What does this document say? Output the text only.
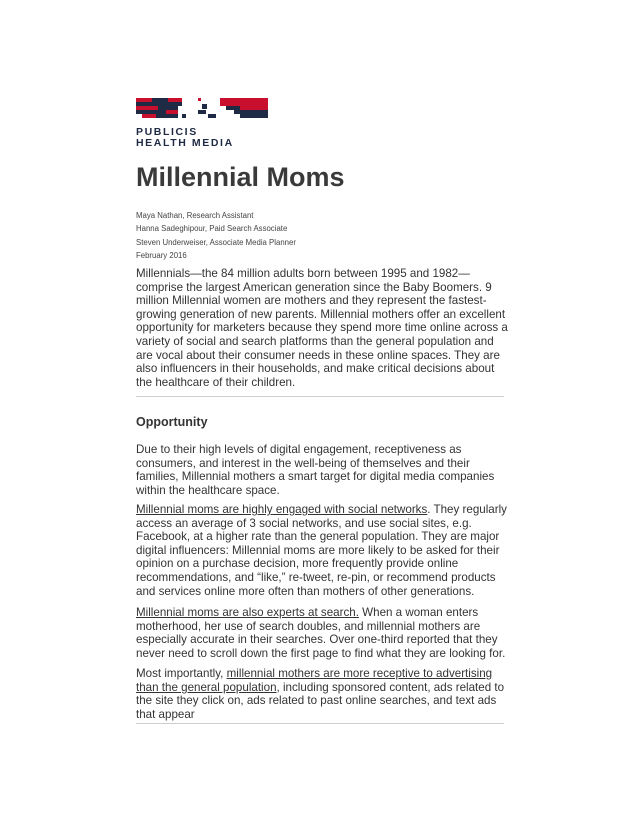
PUBLICIS
HEALTH MEDIA
Millennial Moms
Maya Nathan, Research Assistant
Hanna Sadeghipour, Paid Search Associate
Steven Underweiser, Associate Media Planner
February 2016

Millennials—the 84 million adults born between 1995 and 1982—comprise the largest American generation since the Baby Boomers. 9 million Millennial women are mothers and they represent the fastest-growing generation of new parents. Millennial mothers offer an excellent opportunity for marketers because they spend more time online across a variety of social and search platforms than the general population and are vocal about their consumer needs in these online spaces. They are also influencers in their households, and make critical decisions about the healthcare of their children.

Opportunity

Due to their high levels of digital engagement, receptiveness as consumers, and interest in the well-being of themselves and their families, Millennial mothers a smart target for digital media companies within the healthcare space.

Millennial moms are highly engaged with social networks. They regularly access an average of 3 social networks, and use social sites, e.g. Facebook, at a higher rate than the general population. They are major digital influencers: Millennial moms are more likely to be asked for their opinion on a purchase decision, more frequently provide online recommendations, and “like,” re-tweet, re-pin, or recommend products and services online more often than mothers of other generations.

Millennial moms are also experts at search. When a woman enters motherhood, her use of search doubles, and millennial mothers are especially accurate in their searches. Over one-third reported that they never need to scroll down the first page to find what they are looking for.

Most importantly, millennial mothers are more receptive to advertising than the general population, including sponsored content, ads related to the site they click on, ads related to past online searches, and text ads that appear
